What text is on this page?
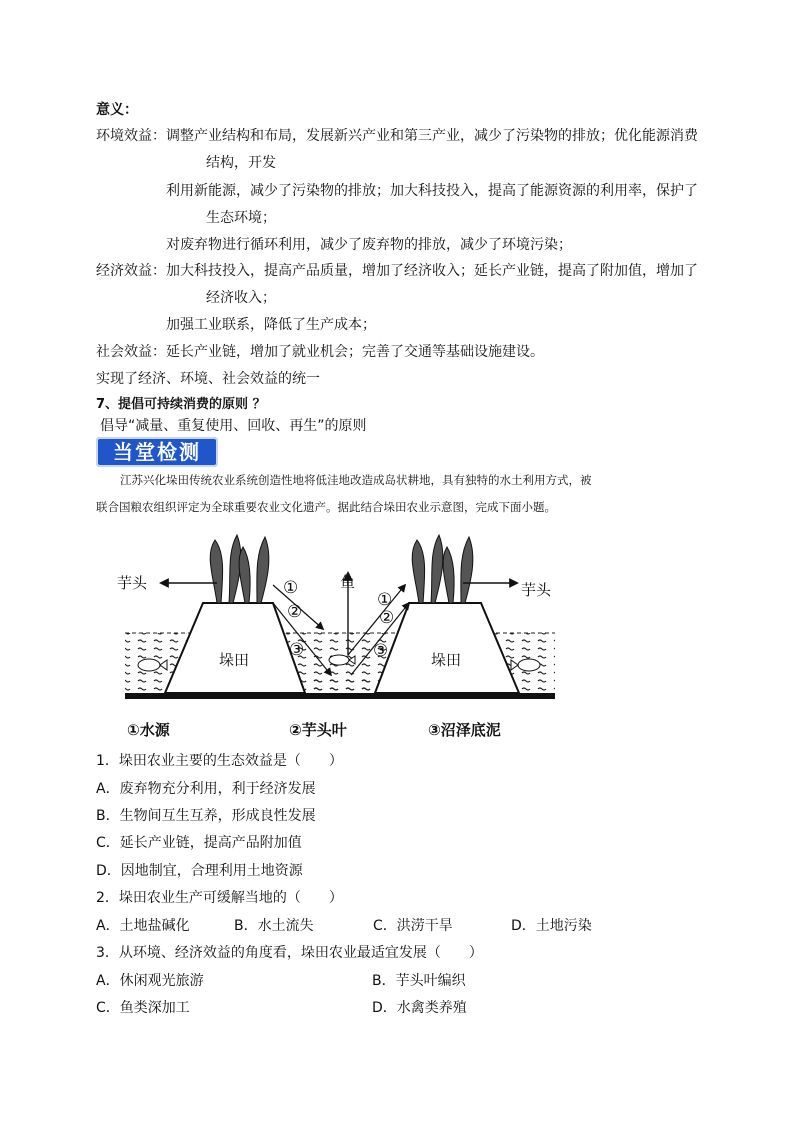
意义：
环境效益：调整产业结构和布局，发展新兴产业和第三产业，减少了污染物的排放；优化能源消费
结构，开发
利用新能源，减少了污染物的排放；加大科技投入，提高了能源资源的利用率，保护了
生态环境；
对废弃物进行循环利用，减少了废弃物的排放，减少了环境污染；
经济效益：加大科技投入，提高产品质量，增加了经济收入；延长产业链，提高了附加值，增加了
经济收入；
加强工业联系，降低了生产成本；
社会效益：延长产业链，增加了就业机会；完善了交通等基础设施建设。
实现了经济、环境、社会效益的统一
7、提倡可持续消费的原则 ？
倡导“减量、重复使用、回收、再生”的原则
当堂检测
江苏兴化垛田传统农业系统创造性地将低洼地改造成岛状耕地，具有独特的水土利用方式，被
联合国粮农组织评定为全球重要农业文化遗产。据此结合垛田农业示意图，完成下面小题。
①
②
③
①
②
③
鱼
芋头	芋头
垛田	垛田
①水源	②芋头叶	③沼泽底泥
1．垛田农业主要的生态效益是（　　）
A．废弃物充分利用，利于经济发展
B．生物间互生互养，形成良性发展
C．延长产业链，提高产品附加值
D．因地制宜，合理利用土地资源
2．垛田农业生产可缓解当地的（　　）
A．土地盐碱化	B．水土流失	C．洪涝干旱	D．土地污染
3．从环境、经济效益的角度看，垛田农业最适宜发展（　　）
A．休闲观光旅游	B．芋头叶编织
C．鱼类深加工	D．水禽类养殖
